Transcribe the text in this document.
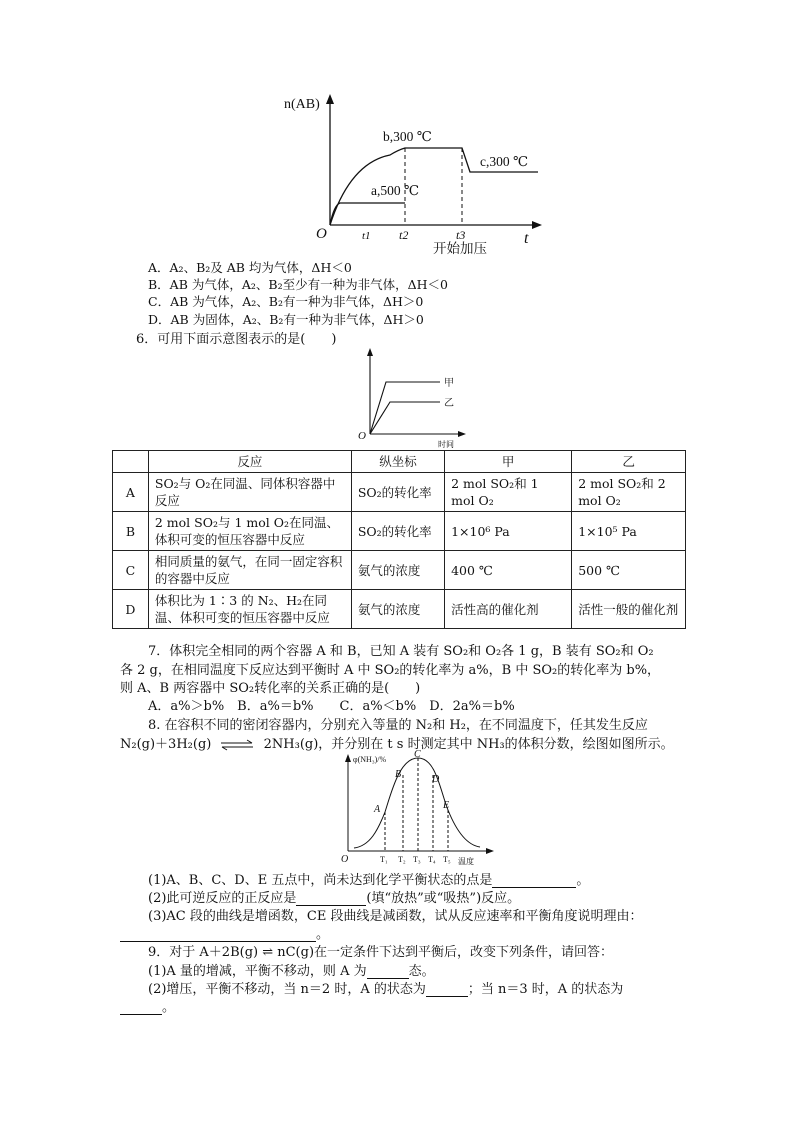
n(AB)
O	t
b,300 ℃
a,500 ℃
c,300 ℃
t1 t2	t3
开始加压
A．A₂、B₂及 AB 均为气体，ΔH＜0
B．AB 为气体，A₂、B₂至少有一种为非气体，ΔH＜0
C．AB 为气体，A₂、B₂有一种为非气体，ΔH＞0
D．AB 为固体，A₂、B₂有一种为非气体，ΔH＞0
6．可用下面示意图表示的是(　　)
甲
乙
O
时间
	反应	纵坐标	甲	乙
A	SO₂与 O₂在同温、同体积容器中反应	SO₂的转化率	2 mol SO₂和 1 mol O₂	2 mol SO₂和 2 mol O₂
B	2 mol SO₂与 1 mol O₂在同温、体积可变的恒压容器中反应	SO₂的转化率	1×10⁶ Pa	1×10⁵ Pa
C	相同质量的氨气，在同一固定容积的容器中反应	氨气的浓度	400 ℃	500 ℃
D	体积比为 1∶3 的 N₂、H₂在同温、体积可变的恒压容器中反应	氨气的浓度	活性高的催化剂	活性一般的催化剂
7．体积完全相同的两个容器 A 和 B，已知 A 装有 SO₂和 O₂各 1 g，B 装有 SO₂和 O₂
各 2 g，在相同温度下反应达到平衡时 A 中 SO₂的转化率为 a%，B 中 SO₂的转化率为 b%，
则 A、B 两容器中 SO₂转化率的关系正确的是(　　)
A．a%＞b%　B．a%＝b%　　C．a%＜b%　D．2a%＝b%
8. 在容积不同的密闭容器内，分别充入等量的 N₂和 H₂，在不同温度下，任其发生反应
N₂(g)＋3H₂(g) ⇌ 2NH₃(g)，并分别在 t s 时测定其中 NH₃的体积分数，绘图如图所示。
φ(NH₃)/%
O
A
B
C
D
E
T₁ T₂ T₃ T₄ T₅ 温度
(1)A、B、C、D、E 五点中，尚未达到化学平衡状态的点是	。
(2)此可逆反应的正反应是	(填“放热”或“吸热”)反应。
(3)AC 段的曲线是增函数，CE 段曲线是减函数，试从反应速率和平衡角度说明理由：
。
9．对于 A＋2B(g) ⇌ nC(g)在一定条件下达到平衡后，改变下列条件，请回答：
(1)A 量的增减，平衡不移动，则 A 为	态。
(2)增压，平衡不移动，当 n＝2 时，A 的状态为	；当 n＝3 时，A 的状态为
。
